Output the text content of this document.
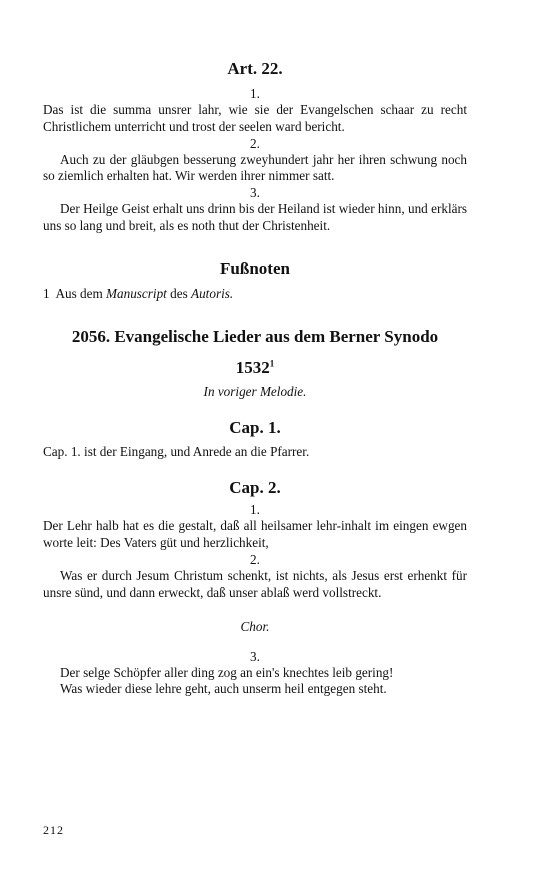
Art. 22.
1.

Das ist die summa unsrer lahr, wie sie der Evangelschen schaar zu recht Christlichem unterricht und trost der seelen ward bericht.

2.

Auch zu der gläubgen besserung zweyhundert jahr her ihren schwung noch so ziemlich erhalten hat. Wir werden ihrer nimmer satt.

3.

Der Heilge Geist erhalt uns drinn bis der Heiland ist wieder hinn, und erklärs uns so lang und breit, als es noth thut der Christenheit.

Fußnoten

1 Aus dem Manuscript des Autoris.

2056. Evangelische Lieder aus dem Berner Synodo
1532$^1$
In voriger Melodie.
Cap. 1.

Cap. 1. ist der Eingang, und Anrede an die Pfarrer.

Cap. 2.
1.

Der Lehr halb hat es die gestalt, daß all heilsamer lehr-inhalt im eingen ewgen worte leit: Des Vaters güt und herzlichkeit,

2.

Was er durch Jesum Christum schenkt, ist nichts, als Jesus erst erhenkt für unsre sünd, und dann erweckt, daß unser ablaß werd vollstreckt.

Chor.
3.

Der selge Schöpfer aller ding zog an ein's knechtes leib gering!

Was wieder diese lehre geht, auch unserm heil entgegen steht.

212
